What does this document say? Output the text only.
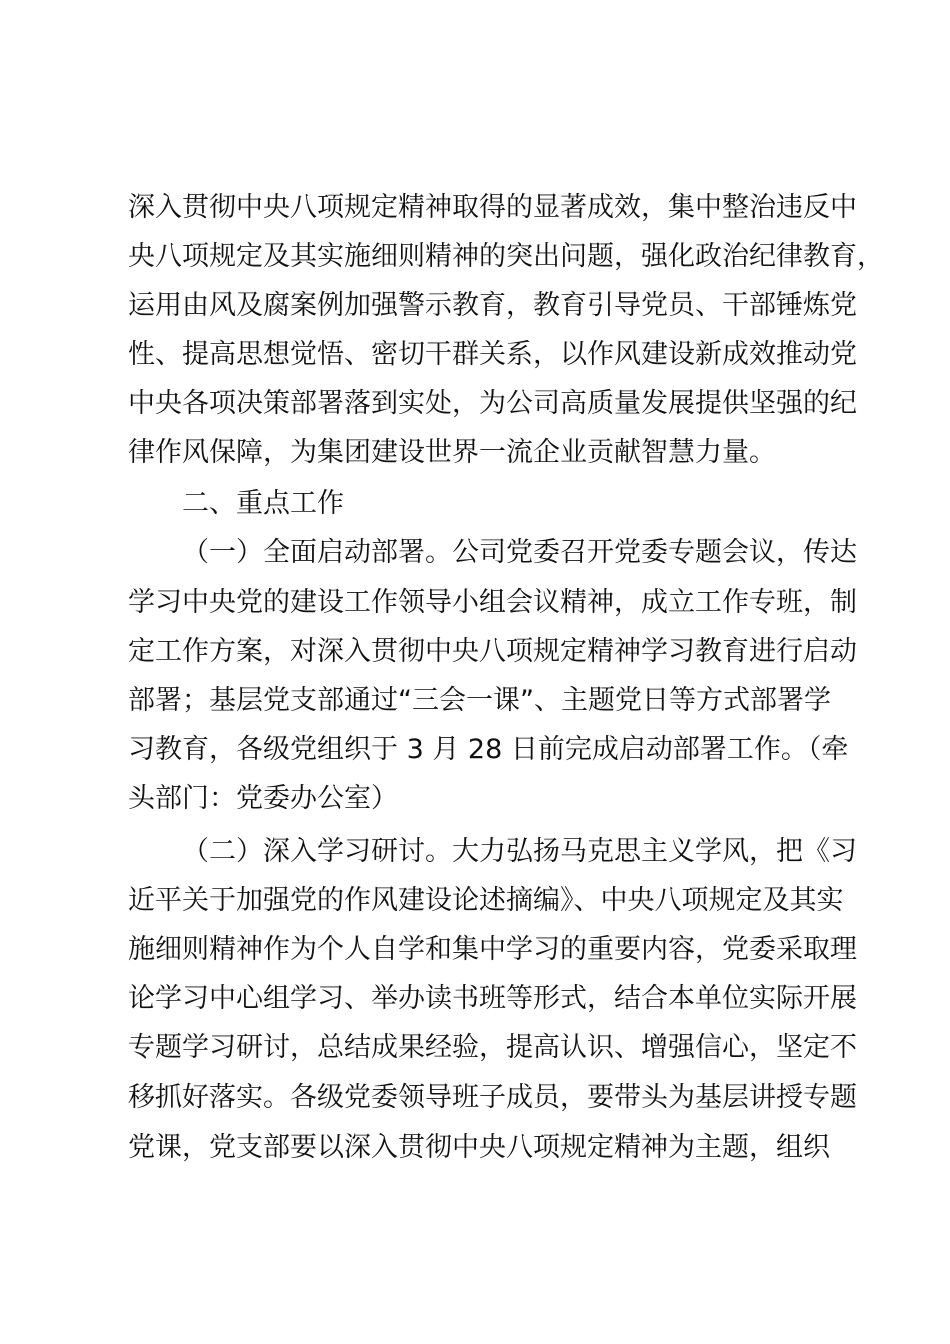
深入贯彻中央八项规定精神取得的显著成效，集中整治违反中
央八项规定及其实施细则精神的突出问题，强化政治纪律教育，
运用由风及腐案例加强警示教育，教育引导党员、干部锤炼党
性、提高思想觉悟、密切干群关系，以作风建设新成效推动党
中央各项决策部署落到实处，为公司高质量发展提供坚强的纪
律作风保障，为集团建设世界一流企业贡献智慧力量。
二、重点工作
（一）全面启动部署。公司党委召开党委专题会议，传达
学习中央党的建设工作领导小组会议精神，成立工作专班，制
定工作方案，对深入贯彻中央八项规定精神学习教育进行启动
部署；基层党支部通过“三会一课”、主题党日等方式部署学
习教育，各级党组织于 3 月 28 日前完成启动部署工作。（牵
头部门：党委办公室）
（二）深入学习研讨。大力弘扬马克思主义学风，把《习
近平关于加强党的作风建设论述摘编》、中央八项规定及其实
施细则精神作为个人自学和集中学习的重要内容，党委采取理
论学习中心组学习、举办读书班等形式，结合本单位实际开展
专题学习研讨，总结成果经验，提高认识、增强信心，坚定不
移抓好落实。各级党委领导班子成员，要带头为基层讲授专题
党课，党支部要以深入贯彻中央八项规定精神为主题，组织
